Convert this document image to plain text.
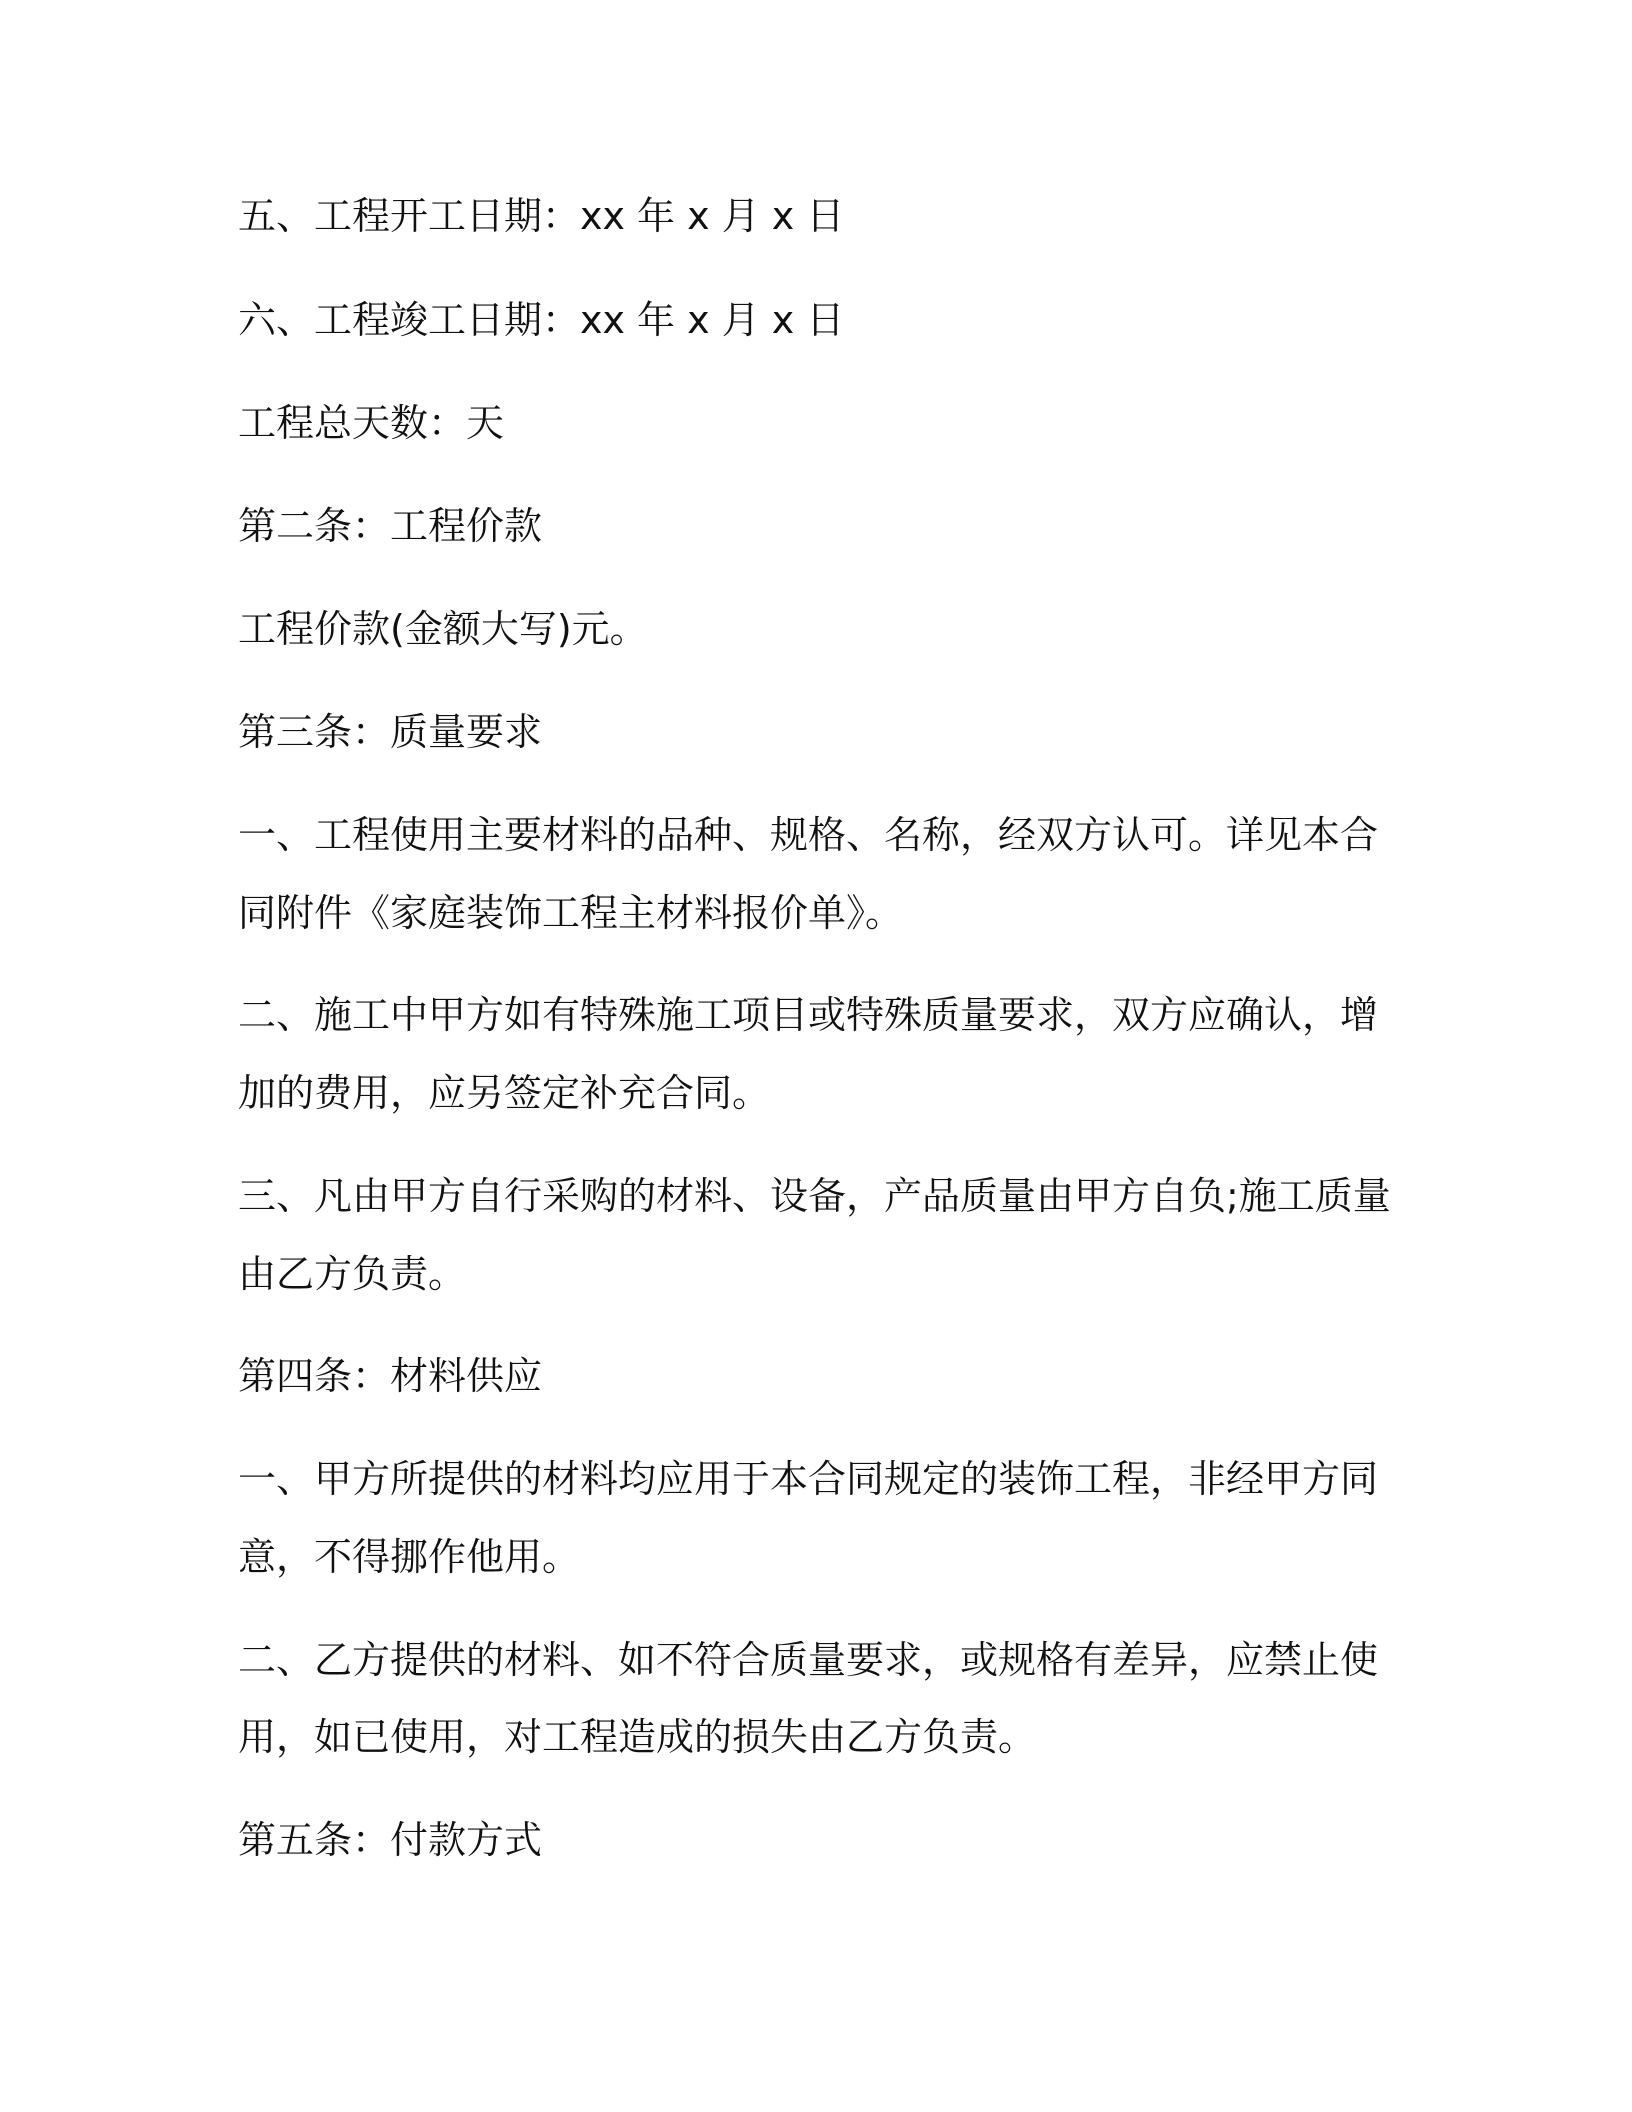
五、工程开工日期：xx 年 x 月 x 日

六、工程竣工日期：xx 年 x 月 x 日

工程总天数：天

第二条：工程价款

工程价款(金额大写)元。

第三条：质量要求

一、工程使用主要材料的品种、规格、名称，经双方认可。详见本合

同附件《家庭装饰工程主材料报价单》。

二、施工中甲方如有特殊施工项目或特殊质量要求，双方应确认，增

加的费用，应另签定补充合同。

三、凡由甲方自行采购的材料、设备，产品质量由甲方自负;施工质量

由乙方负责。

第四条：材料供应

一、甲方所提供的材料均应用于本合同规定的装饰工程，非经甲方同

意，不得挪作他用。

二、乙方提供的材料、如不符合质量要求，或规格有差异，应禁止使

用，如已使用，对工程造成的损失由乙方负责。

第五条：付款方式
